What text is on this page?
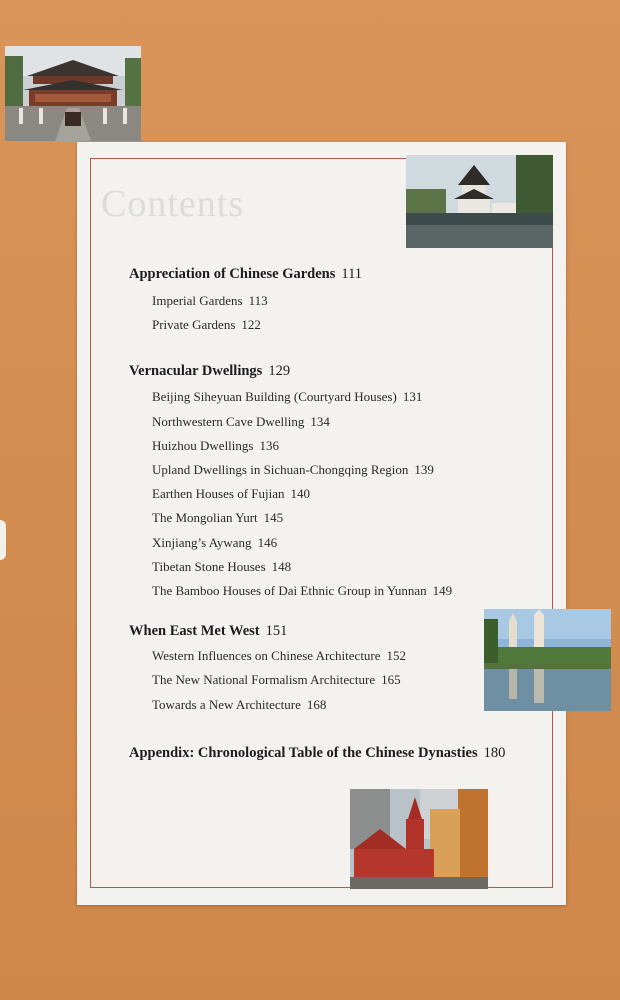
Contents
Appreciation of Chinese Gardens 111
Imperial Gardens 113
Private Gardens 122
Vernacular Dwellings 129
Beijing Siheyuan Building (Courtyard Houses) 131
Northwestern Cave Dwelling 134
Huizhou Dwellings 136
Upland Dwellings in Sichuan-Chongqing Region 139
Earthen Houses of Fujian 140
The Mongolian Yurt 145
Xinjiang’s Aywang 146
Tibetan Stone Houses 148
The Bamboo Houses of Dai Ethnic Group in Yunnan 149
When East Met West 151
Western Influences on Chinese Architecture 152
The New National Formalism Architecture 165
Towards a New Architecture 168
Appendix: Chronological Table of the Chinese Dynasties 180
